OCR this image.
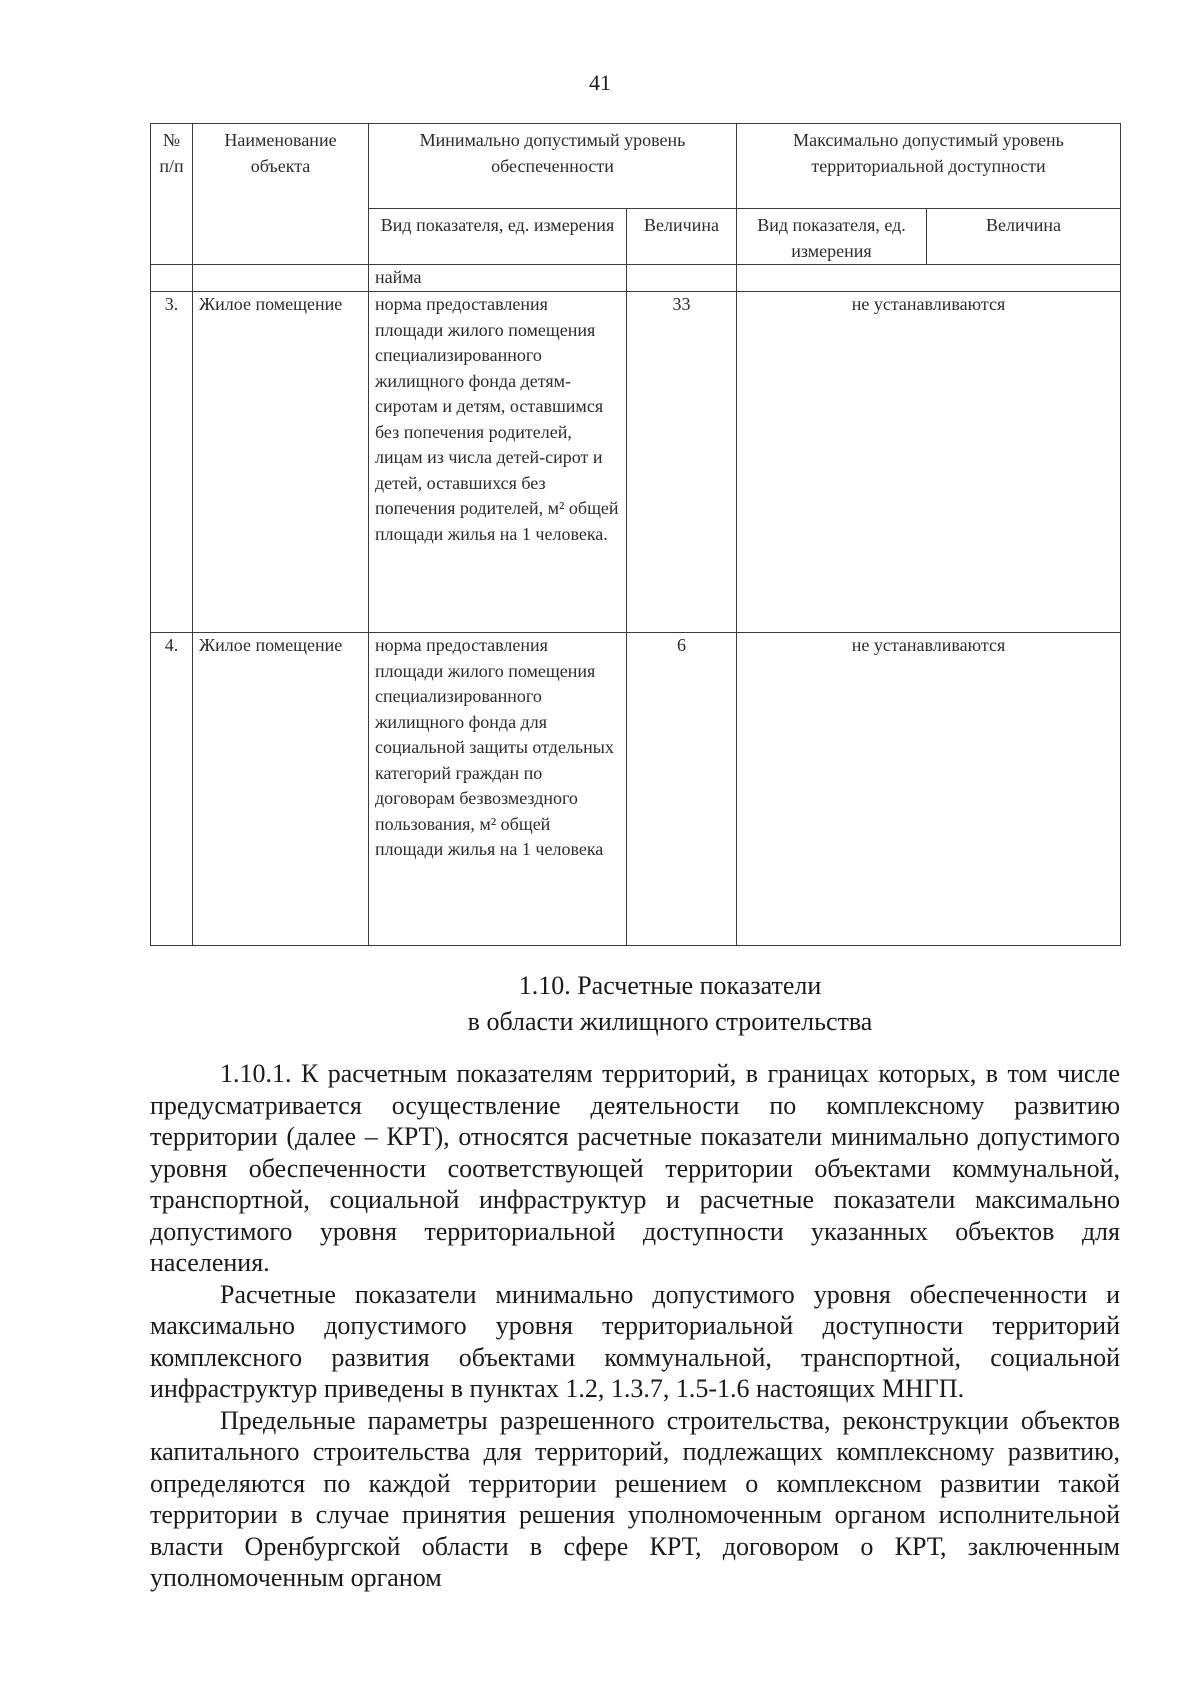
41
№ п/п	Наименование объекта	Минимально допустимый уровень обеспеченности		Максимально допустимый уровень территориальной доступности	
		Вид показателя, ед. измерения	Величина	Вид показателя, ед. измерения	Величина
		найма			
3.	Жилое помещение	норма предоставления площади жилого помещения специализированного жилищного фонда детям-сиротам и детям, оставшимся без попечения родителей, лицам из числа детей-сирот и детей, оставшихся без попечения родителей, м² общей площади жилья на 1 человека.	33	не устанавливаются	
4.	Жилое помещение	норма предоставления площади жилого помещения специализированного жилищного фонда для социальной защиты отдельных категорий граждан по договорам безвозмездного пользования, м² общей площади жилья на 1 человека	6	не устанавливаются	
1.10. Расчетные показатели
в области жилищного строительства

1.10.1. К расчетным показателям территорий, в границах которых, в том числе предусматривается осуществление деятельности по комплексному развитию территории (далее – КРТ), относятся расчетные показатели минимально допустимого уровня обеспеченности соответствующей территории объектами коммунальной, транспортной, социальной инфраструктур и расчетные показатели максимально допустимого уровня территориальной доступности указанных объектов для населения.

Расчетные показатели минимально допустимого уровня обеспеченности и максимально допустимого уровня территориальной доступности территорий комплексного развития объектами коммунальной, транспортной, социальной инфраструктур приведены в пунктах 1.2, 1.3.7, 1.5-1.6 настоящих МНГП.

Предельные параметры разрешенного строительства, реконструкции объектов капитального строительства для территорий, подлежащих комплексному развитию, определяются по каждой территории решением о комплексном развитии такой территории в случае принятия решения уполномоченным органом исполнительной власти Оренбургской области в сфере КРТ, договором о КРТ, заключенным уполномоченным органом
